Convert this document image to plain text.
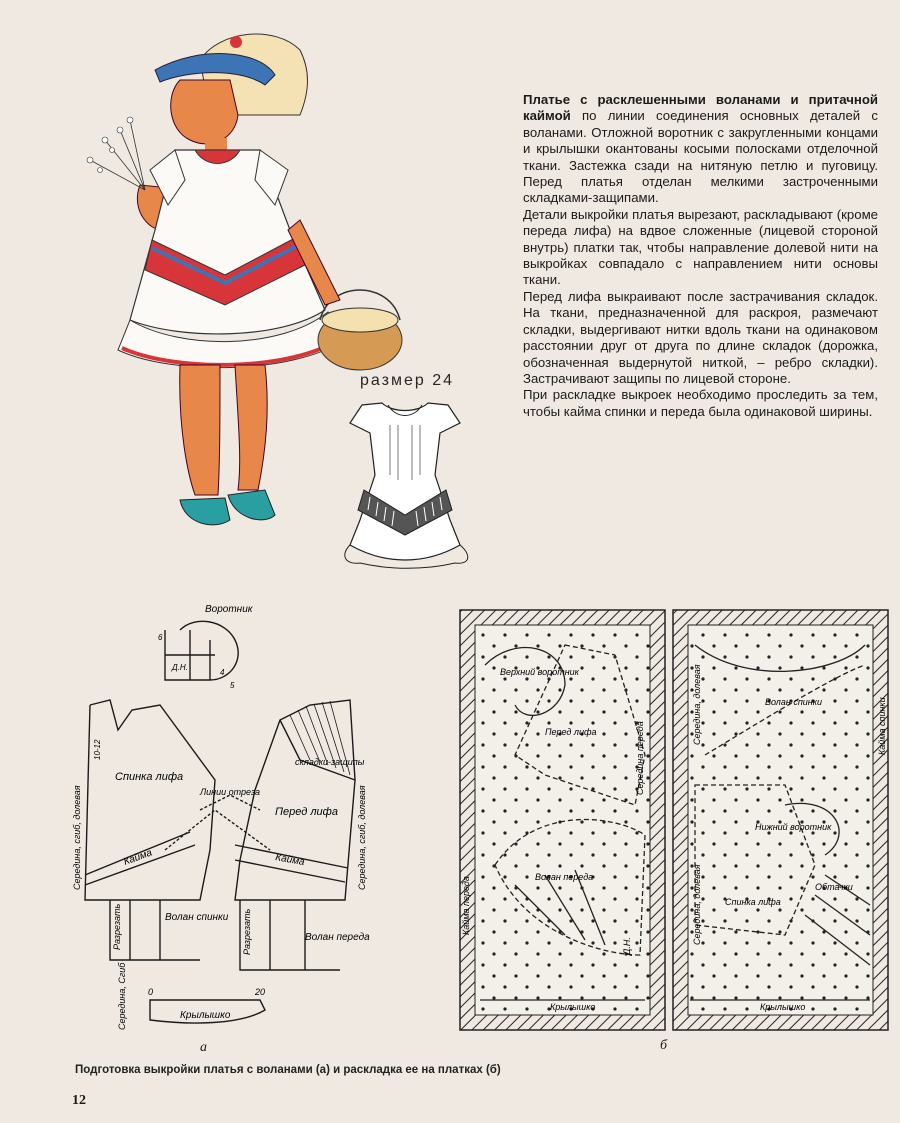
размер 24

Платье с расклешенными воланами и притачной каймой по линии соединения основных деталей с воланами. Отложной воротник с закругленными концами и крылышки окантованы косыми полосками отделочной ткани. Застежка сзади на нитяную петлю и пуговицу. Перед платья отделан мелкими застроченными складками-защипами.

Детали выкройки платья вырезают, раскладывают (кроме переда лифа) на вдвое сложенные (лицевой стороной внутрь) платки так, чтобы направление долевой нити на выкройках совпадало с направлением нити основы ткани.

Перед лифа выкраивают после застрачивания складок. На ткани, предназначенной для раскроя, размечают складки, выдергивают нитки вдоль ткани на одинаковом расстоянии друг от друга по длине складок (дорожка, обозначенная выдернутой ниткой, – ребро складки). Застрачивают защипы по лицевой стороне.

При раскладке выкроек необходимо проследить за тем, чтобы кайма спинки и переда была одинаковой ширины.

Воротник
Спинка лифа
Перед лифа
складки-защипы
Линии отреза
Кайма	Кайма
Волан спинки
Волан переда
Разрезать	Разрезать
Середина, сгиб, долевая	Середина, сгиб, долевая
Крылышко
Середина, Сгиб 0	20
10-12
Д.Н.
4
5
6
Верхний воротник
Перед лифа
Волан переда
Волан спинки
Нижний воротник
Спинка лифа
Обтачки
Кайма переда
Кайма спинки
Крылышко	Крылышко
Середина, долевая
Середина, долевая
Середина переда
Д.Н.
а	б
Подготовка выкройки платья с воланами (а) и раскладка ее на платках (б)
12
